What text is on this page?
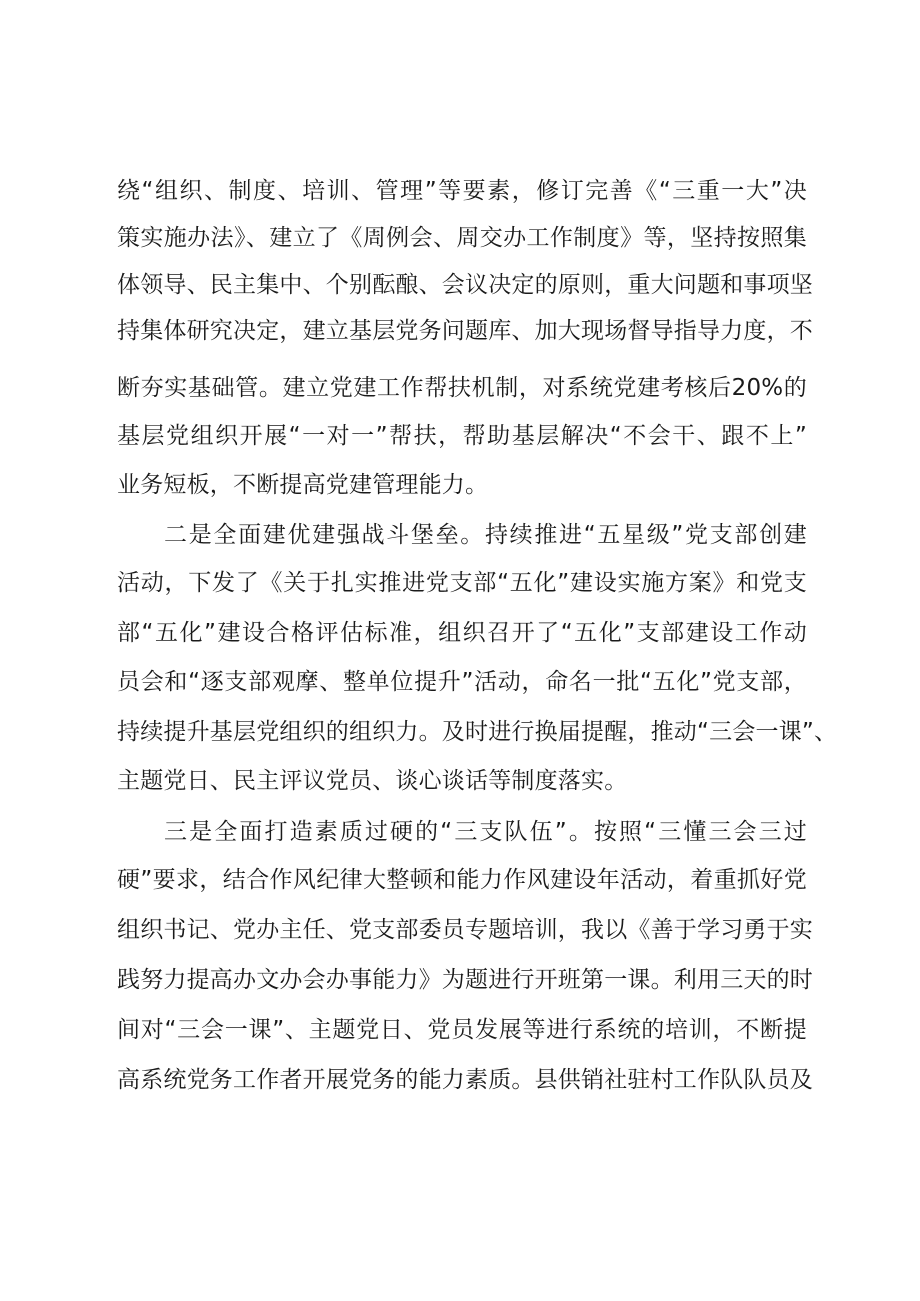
绕“组织、制度、培训、管理”等要素，修订完善《“三重一大”决
策实施办法》、建立了《周例会、周交办工作制度》等，坚持按照集
体领导、民主集中、个别酝酿、会议决定的原则，重大问题和事项坚
持集体研究决定，建立基层党务问题库、加大现场督导指导力度，不
断夯实基础管。建立党建工作帮扶机制，对系统党建考核后20%的
基层党组织开展“一对一”帮扶，帮助基层解决“不会干、跟不上”
业务短板，不断提高党建管理能力。
二是全面建优建强战斗堡垒。持续推进“五星级”党支部创建
活动，下发了《关于扎实推进党支部“五化”建设实施方案》和党支
部“五化”建设合格评估标准，组织召开了“五化”支部建设工作动
员会和“逐支部观摩、整单位提升”活动，命名一批“五化”党支部，
持续提升基层党组织的组织力。及时进行换届提醒，推动“三会一课”、
主题党日、民主评议党员、谈心谈话等制度落实。
三是全面打造素质过硬的“三支队伍”。按照“三懂三会三过
硬”要求，结合作风纪律大整顿和能力作风建设年活动，着重抓好党
组织书记、党办主任、党支部委员专题培训，我以《善于学习勇于实
践努力提高办文办会办事能力》为题进行开班第一课。利用三天的时
间对“三会一课”、主题党日、党员发展等进行系统的培训，不断提
高系统党务工作者开展党务的能力素质。县供销社驻村工作队队员及
